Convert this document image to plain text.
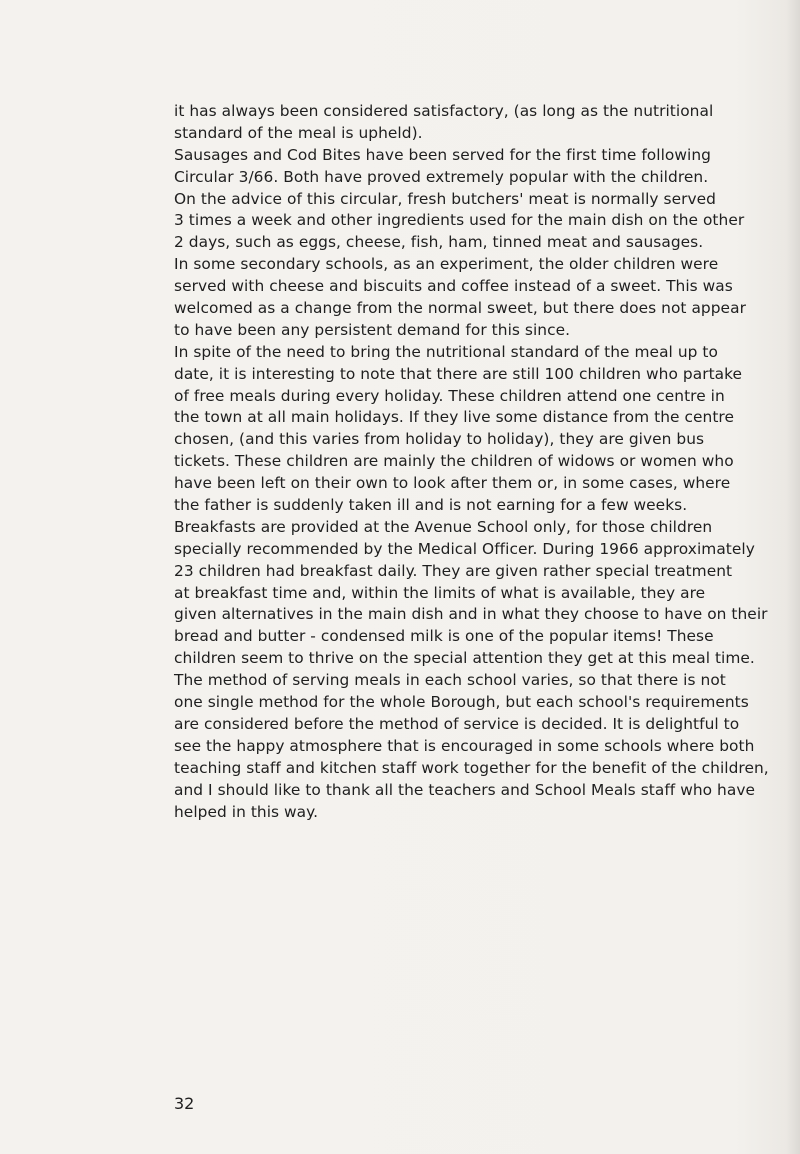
it has always been considered satisfactory, (as long as the nutritional
standard of the meal is upheld).
Sausages and Cod Bites have been served for the first time following
Circular 3/66. Both have proved extremely popular with the children.
On the advice of this circular, fresh butchers' meat is normally served
3 times a week and other ingredients used for the main dish on the other
2 days, such as eggs, cheese, fish, ham, tinned meat and sausages.
In some secondary schools, as an experiment, the older children were
served with cheese and biscuits and coffee instead of a sweet. This was
welcomed as a change from the normal sweet, but there does not appear
to have been any persistent demand for this since.
In spite of the need to bring the nutritional standard of the meal up to
date, it is interesting to note that there are still 100 children who partake
of free meals during every holiday. These children attend one centre in
the town at all main holidays. If they live some distance from the centre
chosen, (and this varies from holiday to holiday), they are given bus
tickets. These children are mainly the children of widows or women who
have been left on their own to look after them or, in some cases, where
the father is suddenly taken ill and is not earning for a few weeks.
Breakfasts are provided at the Avenue School only, for those children
specially recommended by the Medical Officer. During 1966 approximately
23 children had breakfast daily. They are given rather special treatment
at breakfast time and, within the limits of what is available, they are
given alternatives in the main dish and in what they choose to have on their
bread and butter - condensed milk is one of the popular items! These
children seem to thrive on the special attention they get at this meal time.
The method of serving meals in each school varies, so that there is not
one single method for the whole Borough, but each school's requirements
are considered before the method of service is decided. It is delightful to
see the happy atmosphere that is encouraged in some schools where both
teaching staff and kitchen staff work together for the benefit of the children,
and I should like to thank all the teachers and School Meals staff who have
helped in this way.
32
